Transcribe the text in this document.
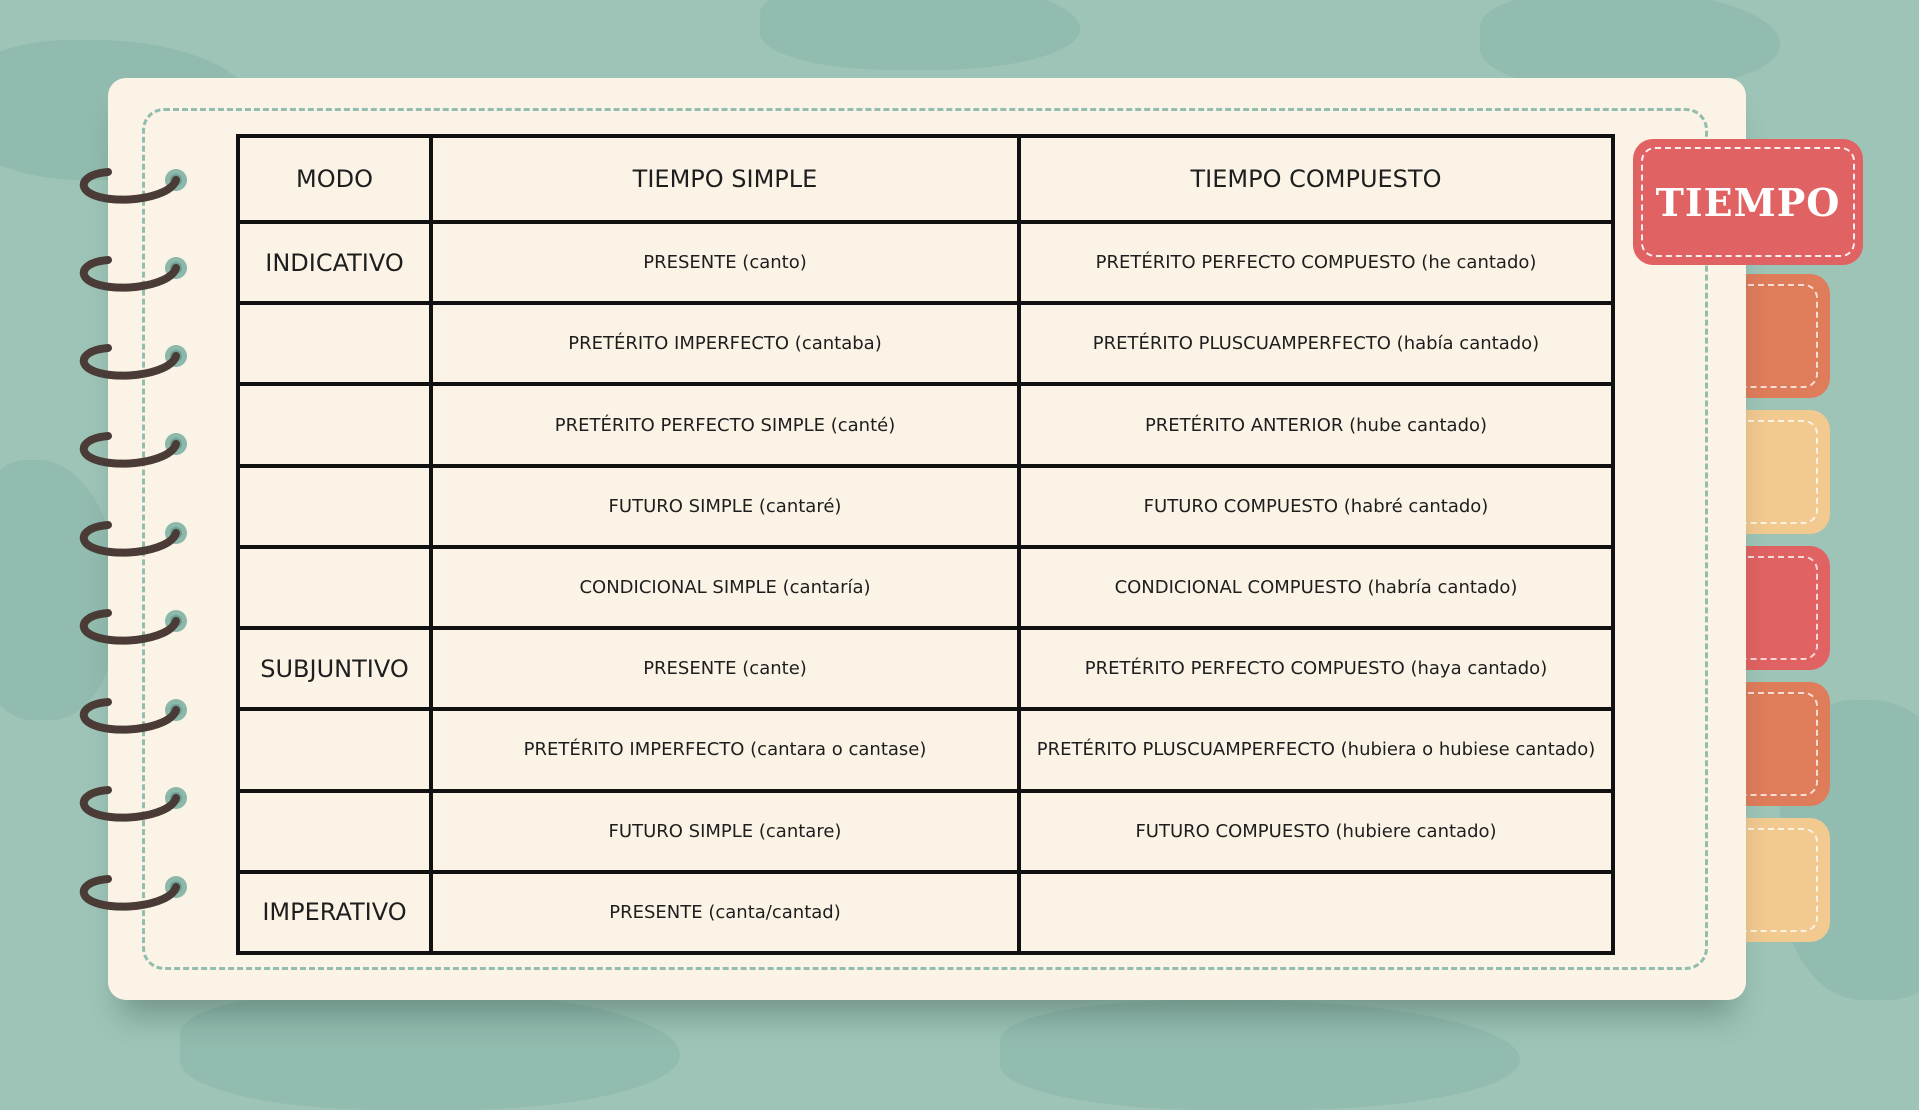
MODO	TIEMPO SIMPLE	TIEMPO COMPUESTO
INDICATIVO	PRESENTE (canto)	PRETÉRITO PERFECTO COMPUESTO (he cantado)
	PRETÉRITO IMPERFECTO (cantaba)	PRETÉRITO PLUSCUAMPERFECTO (había cantado)
	PRETÉRITO PERFECTO SIMPLE (canté)	PRETÉRITO ANTERIOR (hube cantado)
	FUTURO SIMPLE (cantaré)	FUTURO COMPUESTO (habré cantado)
	CONDICIONAL SIMPLE (cantaría)	CONDICIONAL COMPUESTO (habría cantado)
SUBJUNTIVO	PRESENTE (cante)	PRETÉRITO PERFECTO COMPUESTO (haya cantado)
	PRETÉRITO IMPERFECTO (cantara o cantase)	PRETÉRITO PLUSCUAMPERFECTO (hubiera o hubiese cantado)
	FUTURO SIMPLE (cantare)	FUTURO COMPUESTO (hubiere cantado)
IMPERATIVO	PRESENTE (canta/cantad)	
TIEMPO
